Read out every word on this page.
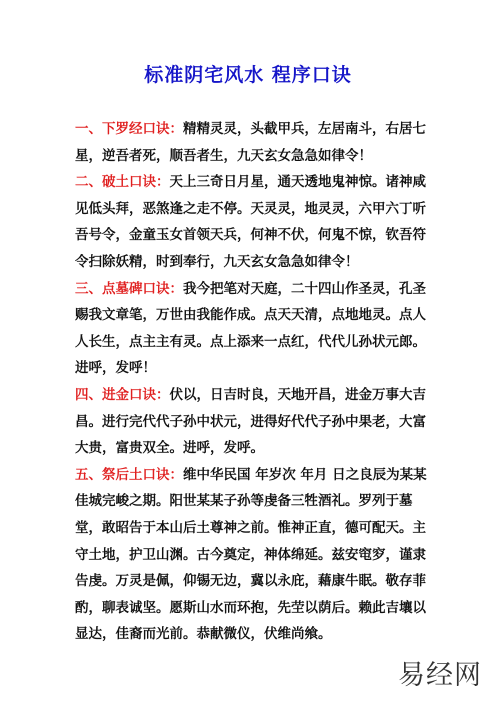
标准阴宅风水 程序口诀

一、下罗经口诀：精精灵灵，头截甲兵，左居南斗，右居七星，逆吾者死，顺吾者生，九天玄女急急如律令！

二、破土口诀：天上三奇日月星，通天透地鬼神惊。诸神咸见低头拜，恶煞逢之走不停。天灵灵，地灵灵，六甲六丁听吾号令，金童玉女首领天兵，何神不伏，何鬼不惊，钦吾符令扫除妖精，时到奉行，九天玄女急急如律令！

三、点墓碑口诀：我今把笔对天庭，二十四山作圣灵，孔圣赐我文章笔，万世由我能作成。点天天清，点地地灵。点人人长生，点主主有灵。点上添来一点红，代代儿孙状元郎。进呼，发呼！

四、进金口诀：伏以，日吉时良，天地开昌，进金万事大吉昌。进行完代代子孙中状元，进得好代代子孙中果老，大富大贵，富贵双全。进呼，发呼。

五、祭后土口诀：维中华民国 年岁次 年月 日之良辰为某某佳城完峻之期。阳世某某子孙等虔备三牲酒礼。罗列于墓堂，敢昭告于本山后土尊神之前。惟神正直，德可配天。主守土地，护卫山渊。古今奠定，神体绵延。兹安窀穸，谨隶告虔。万灵是佩，仰锡无边，冀以永庇，藉康牛眠。敬存菲酌，聊表诚坚。愿斯山水而环抱，先茔以荫后。赖此吉壤以显达，佳裔而光前。恭献微仪，伏维尚飨。

易经网
